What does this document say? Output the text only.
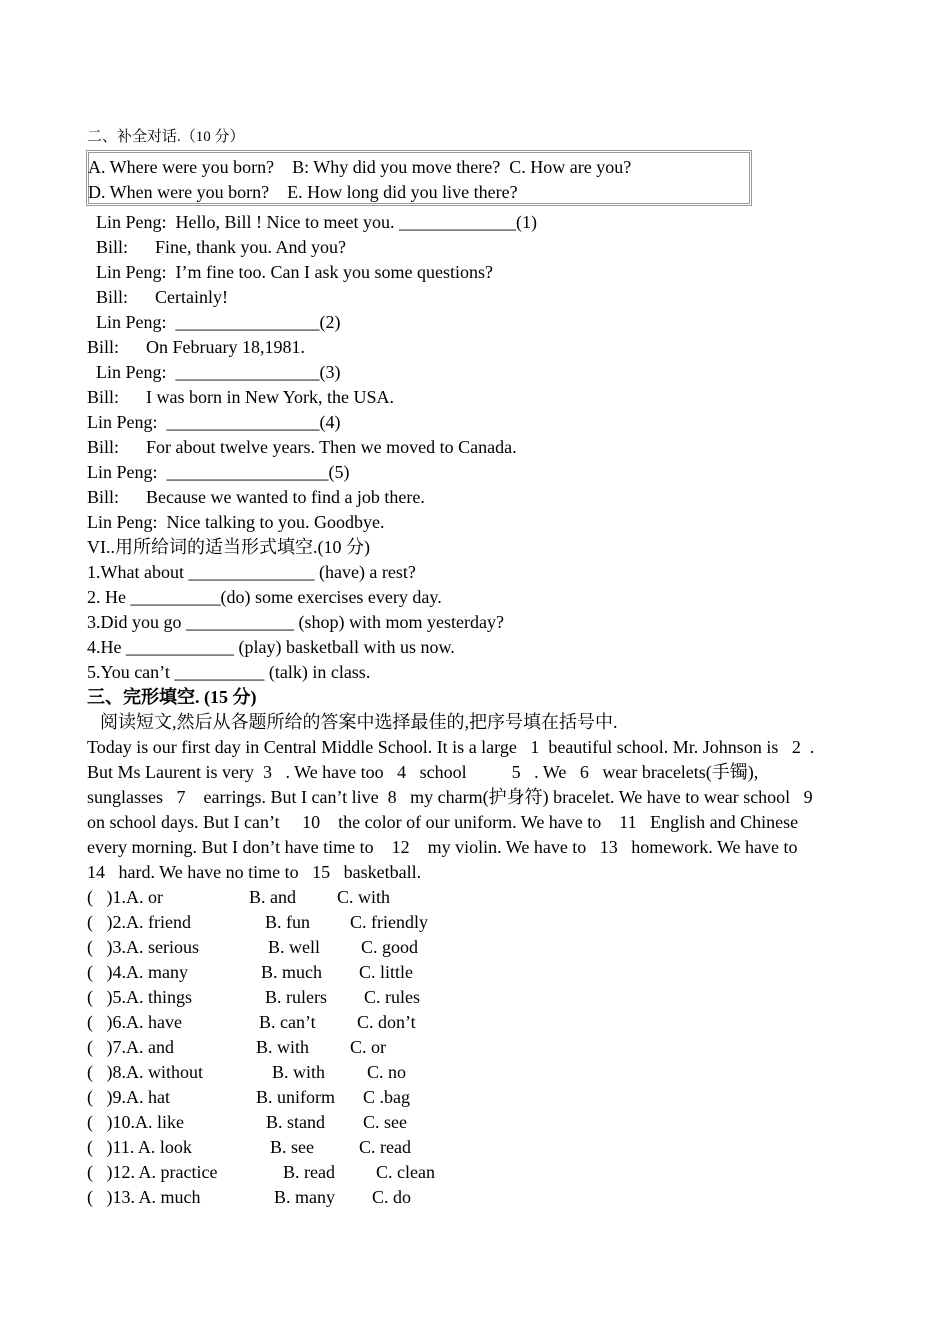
二、补全对话.（10 分）
A. Where were you born?    B: Why did you move there?  C. How are you?
D. When were you born?    E. How long did you live there?
Lin Peng:  Hello, Bill ! Nice to meet you. _____________(1)
Bill:      Fine, thank you. And you?
Lin Peng:  I’m fine too. Can I ask you some questions?
Bill:      Certainly!
Lin Peng:  ________________(2)
Bill:      On February 18,1981.
Lin Peng:  ________________(3)
Bill:      I was born in New York, the USA.
Lin Peng:  _________________(4)
Bill:      For about twelve years. Then we moved to Canada.
Lin Peng:  __________________(5)
Bill:      Because we wanted to find a job there.
Lin Peng:  Nice talking to you. Goodbye.
VI..用所给词的适当形式填空.(10 分)
1.What about ______________ (have) a rest?
2. He __________(do) some exercises every day.
3.Did you go ____________ (shop) with mom yesterday?
4.He ____________ (play) basketball with us now.
5.You can’t __________ (talk) in class.
三、完形填空. (15 分)
阅读短文,然后从各题所给的答案中选择最佳的,把序号填在括号中.
Today is our first day in Central Middle School. It is a large   1  beautiful school. Mr. Johnson is   2  .
But Ms Laurent is very  3   . We have too   4   school          5   . We   6   wear bracelets(手镯),
sunglasses   7    earrings. But I can’t live  8   my charm(护身符) bracelet. We have to wear school   9
on school days. But I can’t     10    the color of our uniform. We have to    11   English and Chinese
every morning. But I don’t have time to    12    my violin. We have to   13   homework. We have to
14   hard. We have no time to   15   basketball.
(   )1.A. or	B. and C. with
(   )2.A. friend	B. fun C. friendly
(   )3.A. serious	B. well C. good
(   )4.A. many	B. much C. little
(   )5.A. things	B. rulers C. rules
(   )6.A. have	B. can’t C. don’t
(   )7.A. and	B. with C. or
(   )8.A. without	B. with C. no
(   )9.A. hat	B. uniform C .bag
(   )10.A. like	B. stand C. see
(   )11. A. look	B. see	C. read
(   )12. A. practice	B. read C. clean
(   )13. A. much	B. many C. do
